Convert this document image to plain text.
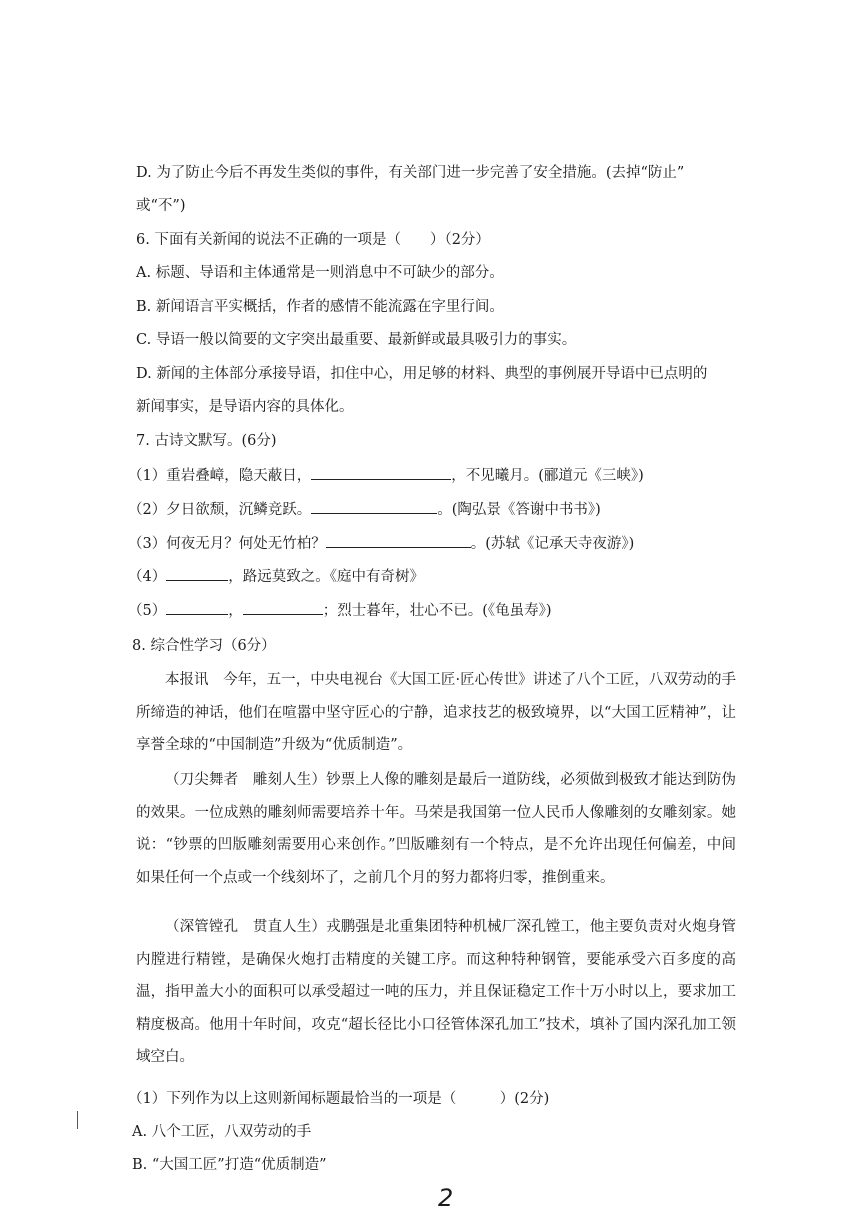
D. 为了防止今后不再发生类似的事件，有关部门进一步完善了安全措施。(去掉“防止”
或“不”)
6. 下面有关新闻的说法不正确的一项是（　　）（2分）
A. 标题、导语和主体通常是一则消息中不可缺少的部分。
B. 新闻语言平实概括，作者的感情不能流露在字里行间。
C. 导语一般以简要的文字突出最重要、最新鲜或最具吸引力的事实。
D. 新闻的主体部分承接导语，扣住中心，用足够的材料、典型的事例展开导语中已点明的
新闻事实，是导语内容的具体化。
7. 古诗文默写。(6分)
（1）重岩叠嶂，隐天蔽日，	，不见曦月。(郦道元《三峡》)
（2）夕日欲颓，沉鳞竞跃。	。(陶弘景《答谢中书书》)
（3）何夜无月？何处无竹柏？	。(苏轼《记承天寺夜游》)
（4）	，路远莫致之。《庭中有奇树》
（5）	，	；烈士暮年，壮心不已。(《龟虽寿》)
8. 综合性学习（6分）
本报讯　今年，五一，中央电视台《大国工匠·匠心传世》讲述了八个工匠，八双劳动的手所缔造的神话，他们在喧嚣中坚守匠心的宁静，追求技艺的极致境界，以“大国工匠精神”，让享誉全球的“中国制造”升级为“优质制造”。
（刀尖舞者　雕刻人生）钞票上人像的雕刻是最后一道防线，必须做到极致才能达到防伪的效果。一位成熟的雕刻师需要培养十年。马荣是我国第一位人民币人像雕刻的女雕刻家。她说：“钞票的凹版雕刻需要用心来创作。”凹版雕刻有一个特点，是不允许出现任何偏差，中间如果任何一个点或一个线刻坏了，之前几个月的努力都将归零，推倒重来。
（深管镗孔　贯直人生）戎鹏强是北重集团特种机械厂深孔镗工，他主要负责对火炮身管内膛进行精镗，是确保火炮打击精度的关键工序。而这种特种钢管，要能承受六百多度的高温，指甲盖大小的面积可以承受超过一吨的压力，并且保证稳定工作十万小时以上，要求加工精度极高。他用十年时间，攻克“超长径比小口径管体深孔加工”技术，填补了国内深孔加工领域空白。
（1）下列作为以上这则新闻标题最恰当的一项是（　　　）(2分)
A. 八个工匠，八双劳动的手
B. “大国工匠”打造“优质制造”
2
